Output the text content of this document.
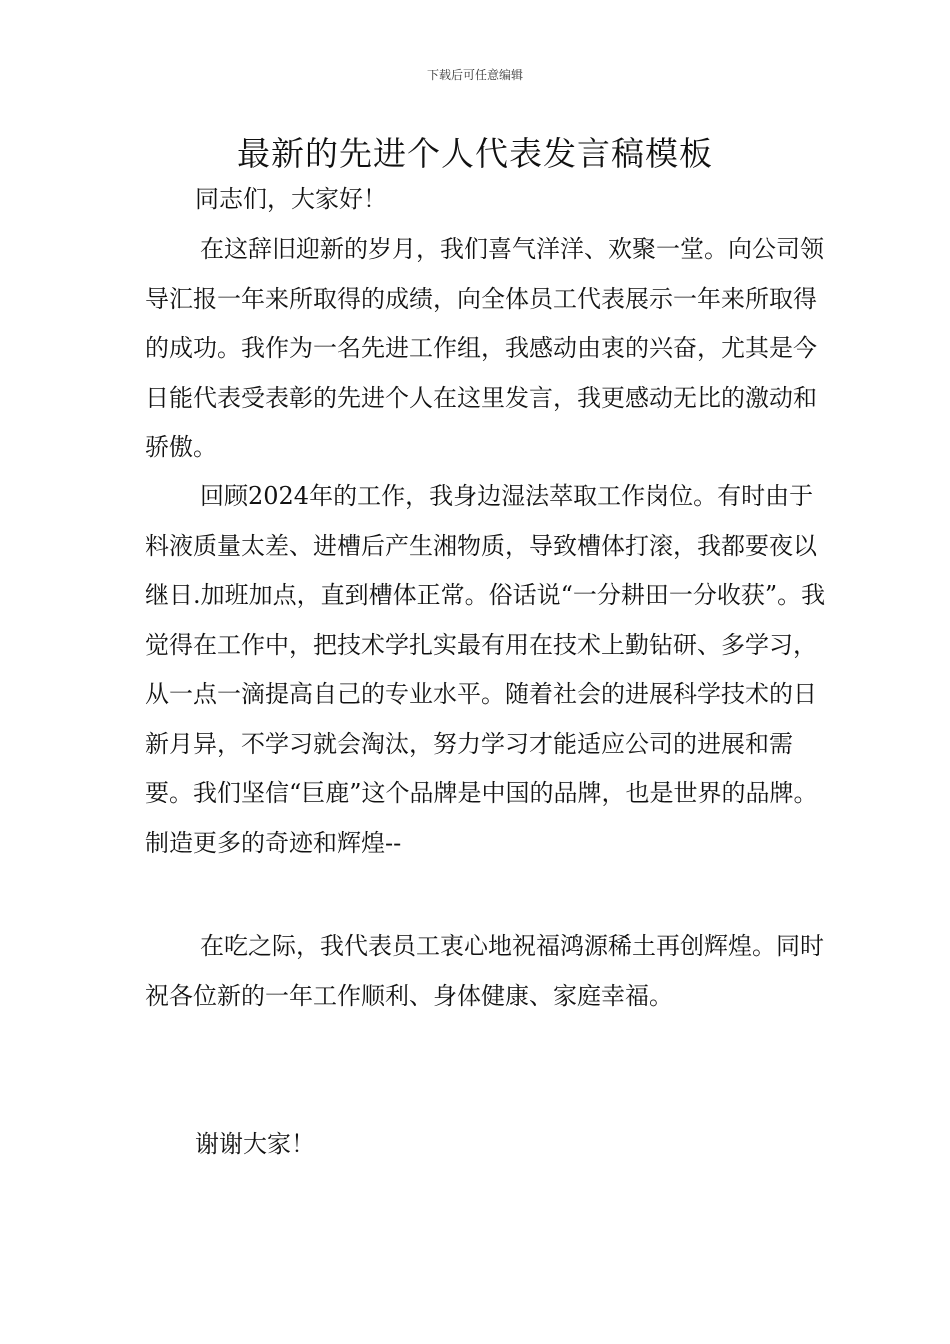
下载后可任意编辑
最新的先进个人代表发言稿模板

同志们，大家好！

在这辞旧迎新的岁月，我们喜气洋洋、欢聚一堂。向公司领导汇报一年来所取得的成绩，向全体员工代表展示一年来所取得的成功。我作为一名先进工作组，我感动由衷的兴奋，尤其是今日能代表受表彰的先进个人在这里发言，我更感动无比的激动和骄傲。

回顾2024年的工作，我身边湿法萃取工作岗位。有时由于料液质量太差、进槽后产生湘物质，导致槽体打滚，我都要夜以继日.加班加点，直到槽体正常。俗话说“一分耕田一分收获”。我觉得在工作中，把技术学扎实最有用在技术上勤钻研、多学习，从一点一滴提高自己的专业水平。随着社会的进展科学技术的日新月异，不学习就会淘汰，努力学习才能适应公司的进展和需要。我们坚信“巨鹿”这个品牌是中国的品牌，也是世界的品牌。制造更多的奇迹和辉煌--

在吃之际，我代表员工衷心地祝福鸿源稀土再创辉煌。同时祝各位新的一年工作顺利、身体健康、家庭幸福。

谢谢大家！
